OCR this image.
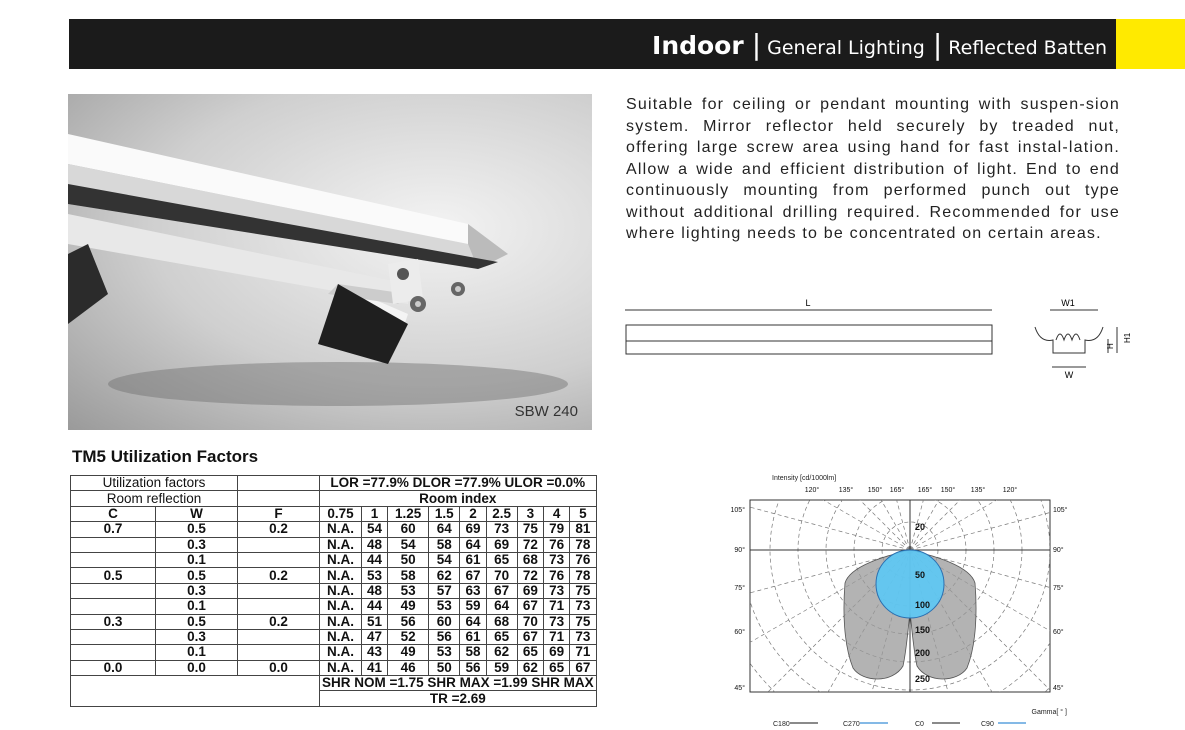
Indoor | General Lighting | Reflected Batten
SBW 240
Suitable for ceiling or pendant mounting with suspen-sion system. Mirror reflector held securely by treaded nut, offering large screw area using hand for fast instal-lation. Allow a wide and efficient distribution of light. End to end continuously mounting from performed punch out type without additional drilling required. Recommended for use where lighting needs to be concentrated on certain areas.
L	W1
H
H1
W
TM5 Utilization Factors
Utilization factors			LOR =77.9% DLOR =77.9% ULOR =0.0%								
Room reflection			Room index								
C	W	F	0.75	1	1.25	1.5	2	2.5	3	4	5
0.7	0.5	0.2	N.A.	54	60	64	69	73	75	79	81
	0.3		N.A.	48	54	58	64	69	72	76	78
	0.1		N.A.	44	50	54	61	65	68	73	76
0.5	0.5	0.2	N.A.	53	58	62	67	70	72	76	78
	0.3		N.A.	48	53	57	63	67	69	73	75
	0.1		N.A.	44	49	53	59	64	67	71	73
0.3	0.5	0.2	N.A.	51	56	60	64	68	70	73	75
	0.3		N.A.	47	52	56	61	65	67	71	73
	0.1		N.A.	43	49	53	58	62	65	69	71
0.0	0.0	0.0	N.A.	41	46	50	56	59	62	65	67
			SHR NOM =1.75 SHR MAX =1.99 SHR MAX								
			TR =2.69								
Intensity [cd/1000lm]
120°	135° 150° 165° 165° 150° 135°	120°
105°	105°
90°	90°
75°	75°
60°	60°
45°	45°
20
50
100
150
200
250
Gamma[ ° ]
C180	C270	C0	C90
